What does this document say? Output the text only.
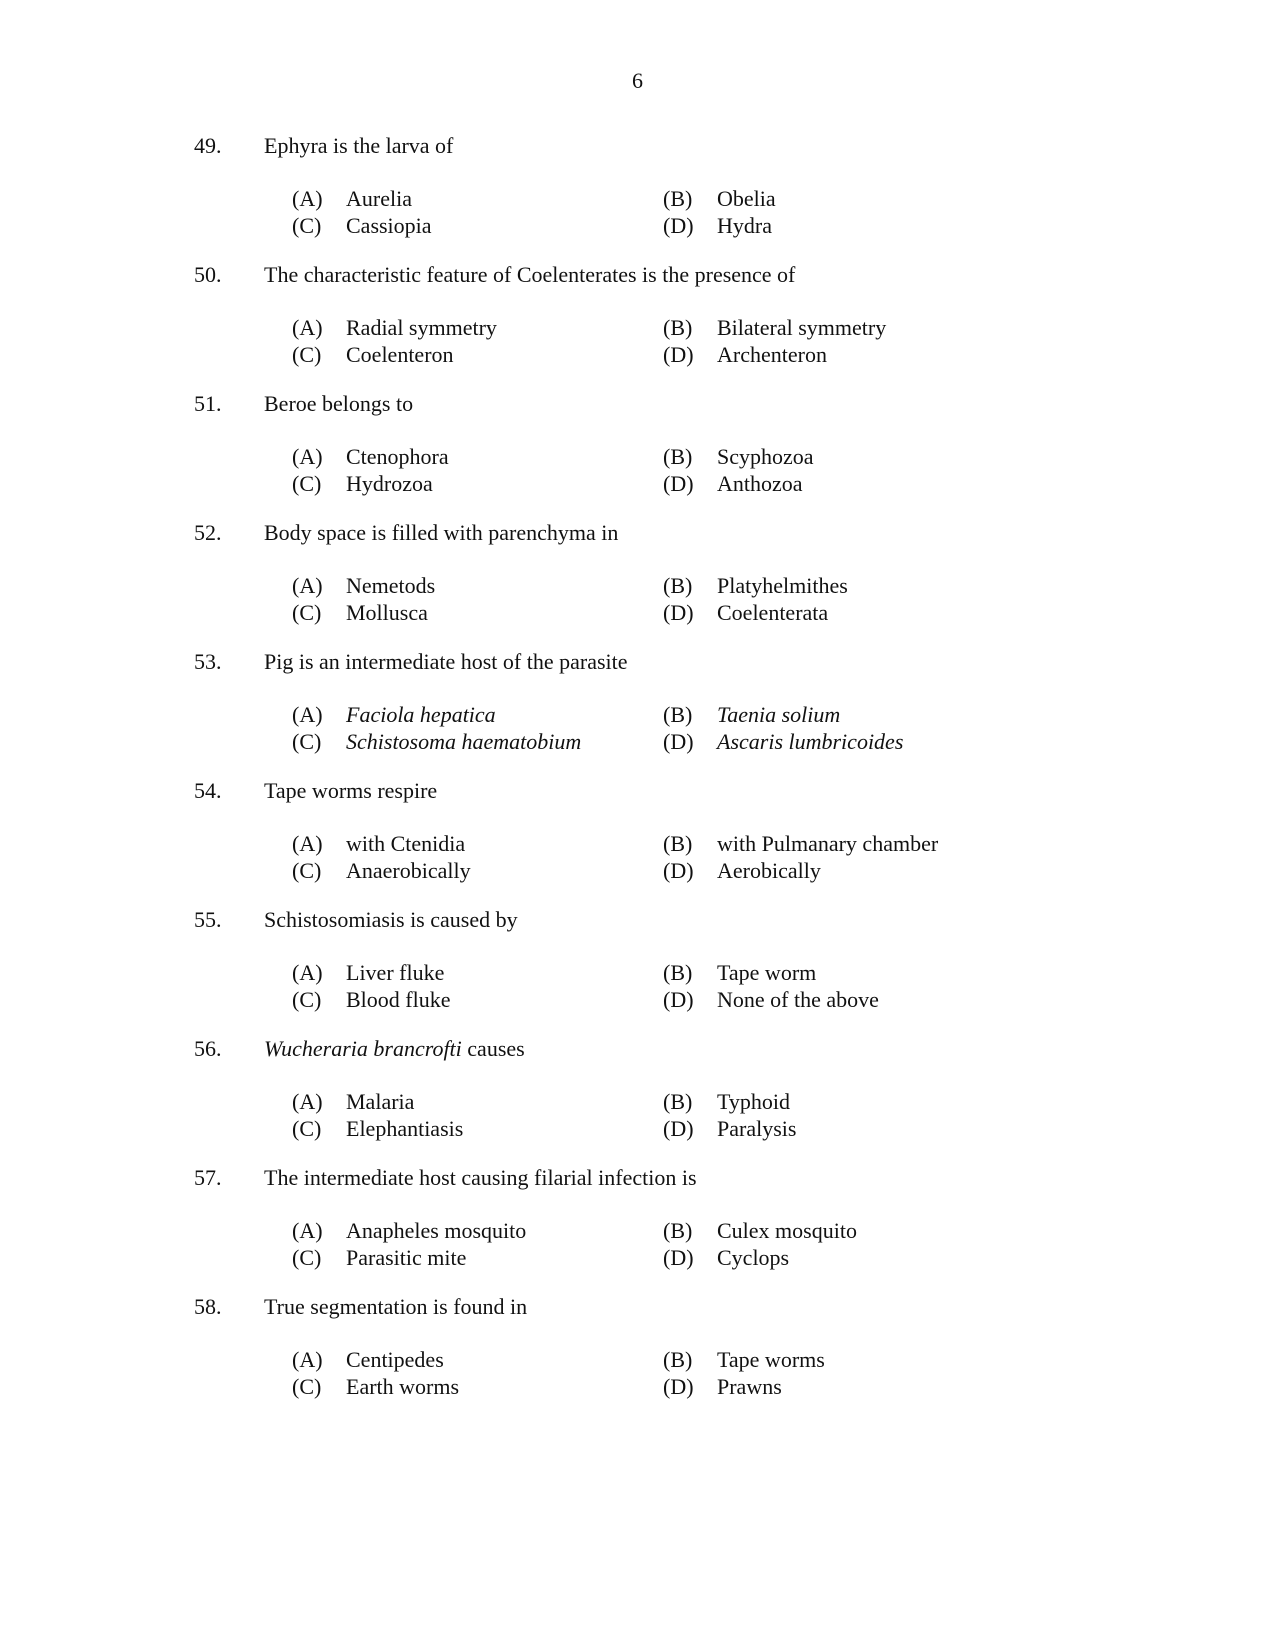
6
49. Ephyra is the larva of
(A) Aurelia	(B) Obelia
(C) Cassiopia	(D) Hydra
50. The characteristic feature of Coelenterates is the presence of
(A) Radial symmetry	(B) Bilateral symmetry
(C) Coelenteron	(D) Archenteron
51. Beroe belongs to
(A) Ctenophora	(B) Scyphozoa
(C) Hydrozoa	(D) Anthozoa
52. Body space is filled with parenchyma in
(A) Nemetods	(B) Platyhelmithes
(C) Mollusca	(D) Coelenterata
53. Pig is an intermediate host of the parasite
(A) Faciola hepatica	(B) Taenia solium
(C) Schistosoma haematobium	(D) Ascaris lumbricoides
54. Tape worms respire
(A) with Ctenidia	(B) with Pulmanary chamber
(C) Anaerobically	(D) Aerobically
55. Schistosomiasis is caused by
(A) Liver fluke	(B) Tape worm
(C) Blood fluke	(D) None of the above
56. Wucheraria brancrofti causes
(A) Malaria	(B) Typhoid
(C) Elephantiasis	(D) Paralysis
57. The intermediate host causing filarial infection is
(A) Anapheles mosquito	(B) Culex mosquito
(C) Parasitic mite	(D) Cyclops
58. True segmentation is found in
(A) Centipedes	(B) Tape worms
(C) Earth worms	(D) Prawns
